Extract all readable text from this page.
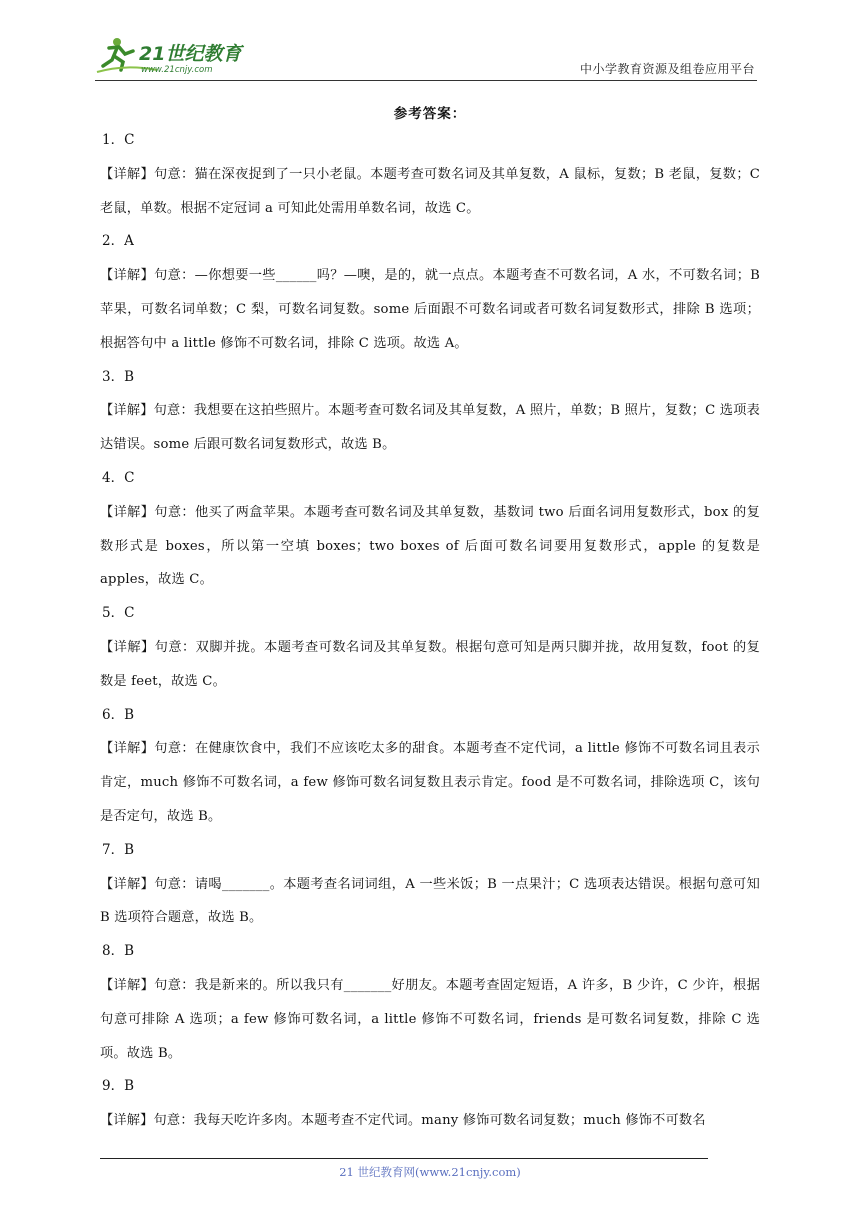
21世纪教育
www.21cnjy.com	中小学教育资源及组卷应用平台
参考答案：

1．C

【详解】句意：猫在深夜捉到了一只小老鼠。本题考查可数名词及其单复数，A 鼠标，复数；B 老鼠，复数；C 老鼠，单数。根据不定冠词 a 可知此处需用单数名词，故选 C。

2．A

【详解】句意：—你想要一些______吗？—噢，是的，就一点点。本题考查不可数名词，A 水，不可数名词；B 苹果，可数名词单数；C 梨，可数名词复数。some 后面跟不可数名词或者可数名词复数形式，排除 B 选项；根据答句中 a little 修饰不可数名词，排除 C 选项。故选 A。

3．B

【详解】句意：我想要在这拍些照片。本题考查可数名词及其单复数，A 照片，单数；B 照片，复数；C 选项表达错误。some 后跟可数名词复数形式，故选 B。

4．C

【详解】句意：他买了两盒苹果。本题考查可数名词及其单复数，基数词 two 后面名词用复数形式，box 的复数形式是 boxes，所以第一空填 boxes；two boxes of 后面可数名词要用复数形式，apple 的复数是 apples，故选 C。

5．C

【详解】句意：双脚并拢。本题考查可数名词及其单复数。根据句意可知是两只脚并拢，故用复数，foot 的复数是 feet，故选 C。

6．B

【详解】句意：在健康饮食中，我们不应该吃太多的甜食。本题考查不定代词，a little 修饰不可数名词且表示肯定，much 修饰不可数名词，a few 修饰可数名词复数且表示肯定。food 是不可数名词，排除选项 C，该句是否定句，故选 B。

7．B

【详解】句意：请喝_______。本题考查名词词组，A 一些米饭；B 一点果汁；C 选项表达错误。根据句意可知 B 选项符合题意，故选 B。

8．B

【详解】句意：我是新来的。所以我只有_______好朋友。本题考查固定短语，A 许多，B 少许，C 少许，根据句意可排除 A 选项；a few 修饰可数名词，a little 修饰不可数名词，friends 是可数名词复数，排除 C 选项。故选 B。

9．B

【详解】句意：我每天吃许多肉。本题考查不定代词。many 修饰可数名词复数；much 修饰不可数名

21 世纪教育网(www.21cnjy.com)
